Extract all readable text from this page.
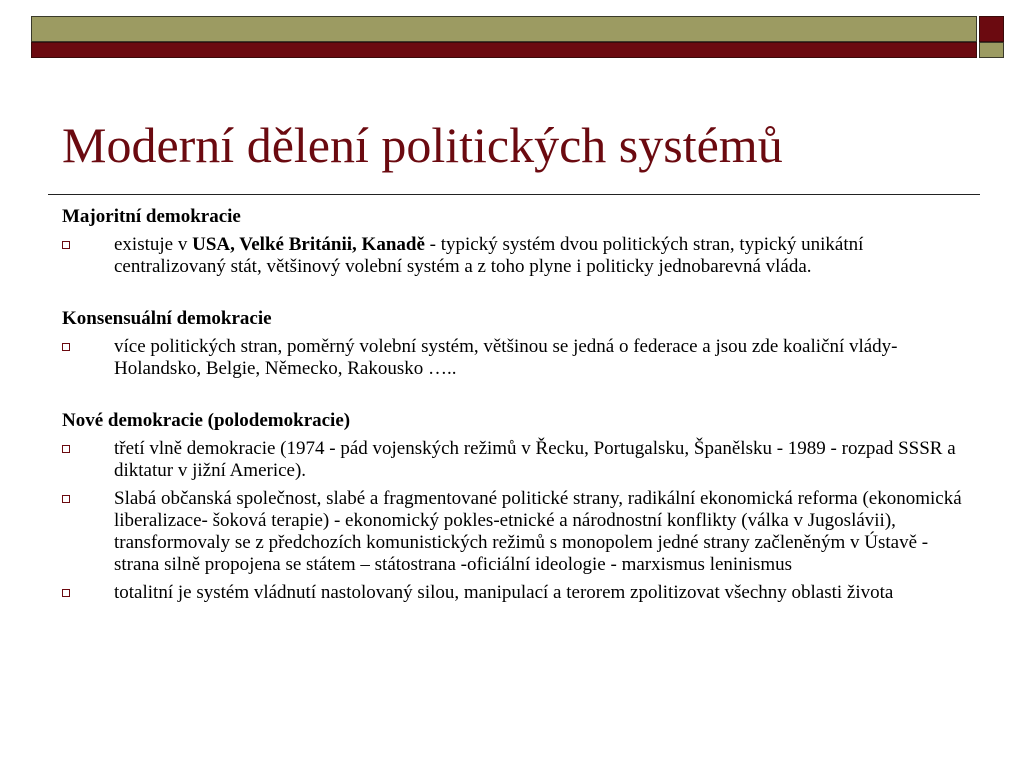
Moderní dělení politických systémů
Majoritní demokracie
existuje v USA, Velké Británii, Kanadě - typický systém dvou politických stran, typický unikátní centralizovaný stát, většinový volební systém a z toho plyne i politicky jednobarevná vláda.
Konsensuální demokracie
více politických stran, poměrný volební systém, většinou se jedná o federace a jsou zde koaliční vlády- Holandsko, Belgie, Německo, Rakousko …..
Nové demokracie (polodemokracie)
třetí vlně demokracie (1974 - pád vojenských režimů v Řecku, Portugalsku, Španělsku - 1989 - rozpad SSSR a diktatur v jižní Americe).
Slabá občanská společnost, slabé a fragmentované politické strany, radikální ekonomická reforma (ekonomická liberalizace- šoková terapie) - ekonomický pokles-etnické a národnostní konflikty (válka v Jugoslávii), transformovaly se z předchozích komunistických režimů s monopolem jedné strany začleněným v Ústavě - strana silně propojena se státem – státostrana -oficiální ideologie - marxismus leninismus
totalitní je systém vládnutí nastolovaný silou, manipulací a terorem zpolitizovat všechny oblasti života
